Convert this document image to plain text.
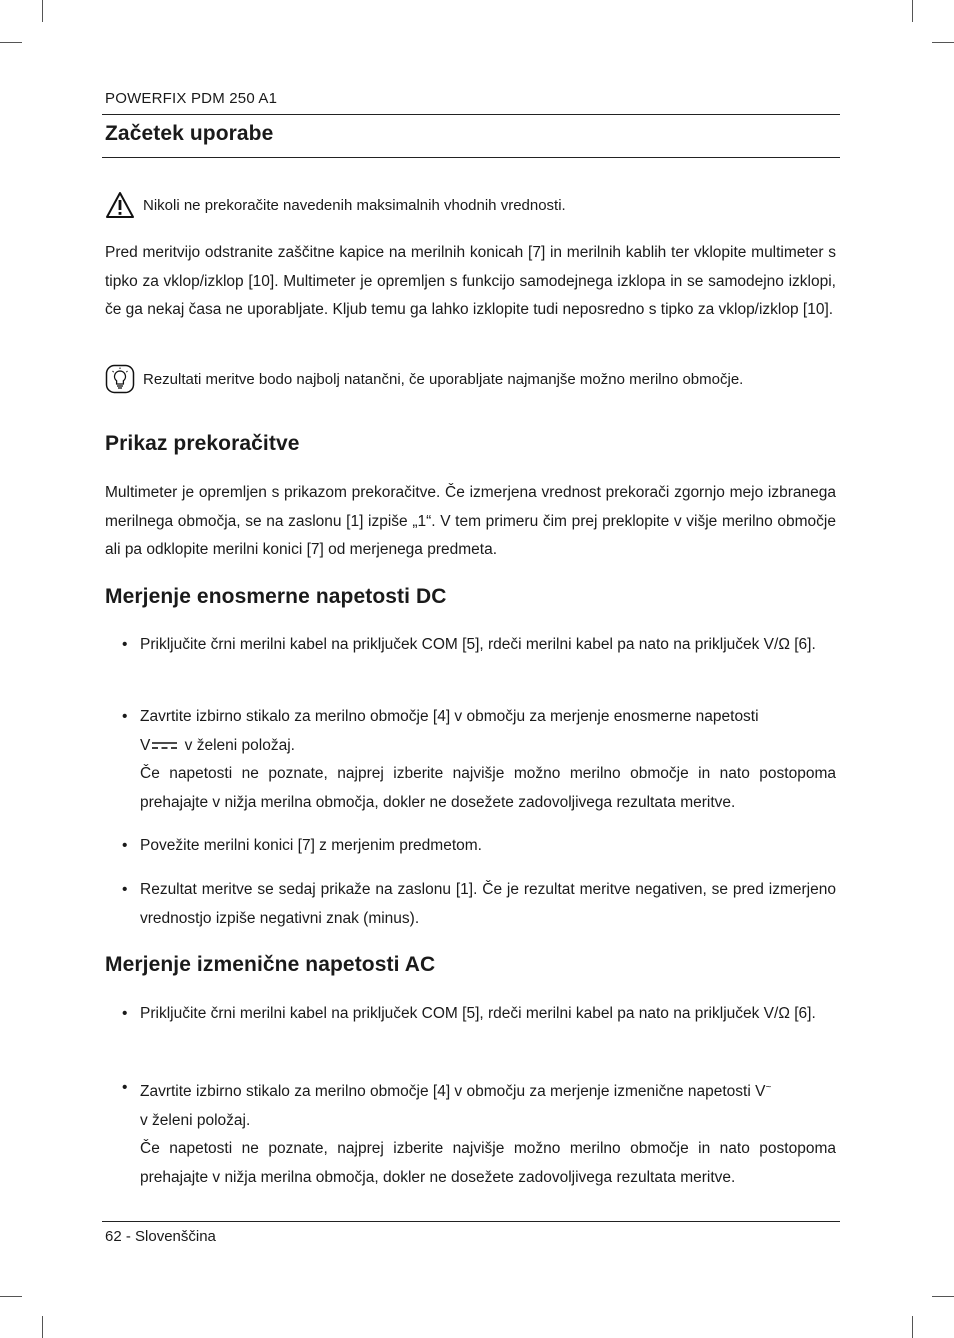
POWERFIX PDM 250 A1
Začetek uporabe
Nikoli ne prekoračite navedenih maksimalnih vhodnih vrednosti.

Pred meritvijo odstranite zaščitne kapice na merilnih konicah [7] in merilnih kablih ter vklopite multimeter s tipko za vklop/izklop [10]. Multimeter je opremljen s funkcijo samodejnega izklopa in se samodejno izklopi, če ga nekaj časa ne uporabljate. Kljub temu ga lahko izklopite tudi neposredno s tipko za vklop/izklop [10].

Rezultati meritve bodo najbolj natančni, če uporabljate najmanjše možno merilno območje.
Prikaz prekoračitve

Multimeter je opremljen s prikazom prekoračitve. Če izmerjena vrednost prekorači zgornjo mejo izbranega merilnega območja, se na zaslonu [1] izpiše „1“. V tem primeru čim prej preklopite v višje merilno območje ali pa odklopite merilni konici [7] od merjenega predmeta.

Merjenje enosmerne napetosti DC
• Priključite črni merilni kabel na priključek COM [5], rdeči merilni kabel pa nato na priključek V/Ω [6].
• Zavrtite izbirno stikalo za merilno območje [4] v območju za merjenje enosmerne napetosti
V v želeni položaj.
Če napetosti ne poznate, najprej izberite najvišje možno merilno območje in nato postopoma prehajajte v nižja merilna območja, dokler ne dosežete zadovoljivega rezultata meritve.
• Povežite merilni konici [7] z merjenim predmetom.
• Rezultat meritve se sedaj prikaže na zaslonu [1]. Če je rezultat meritve negativen, se pred izmerjeno vrednostjo izpiše negativni znak (minus).
Merjenje izmenične napetosti AC
• Priključite črni merilni kabel na priključek COM [5], rdeči merilni kabel pa nato na priključek V/Ω [6].
• Zavrtite izbirno stikalo za merilno območje [4] v območju za merjenje izmenične napetosti V~
v želeni položaj.
Če napetosti ne poznate, najprej izberite najvišje možno merilno območje in nato postopoma prehajajte v nižja merilna območja, dokler ne dosežete zadovoljivega rezultata meritve.
62 - Slovenščina
